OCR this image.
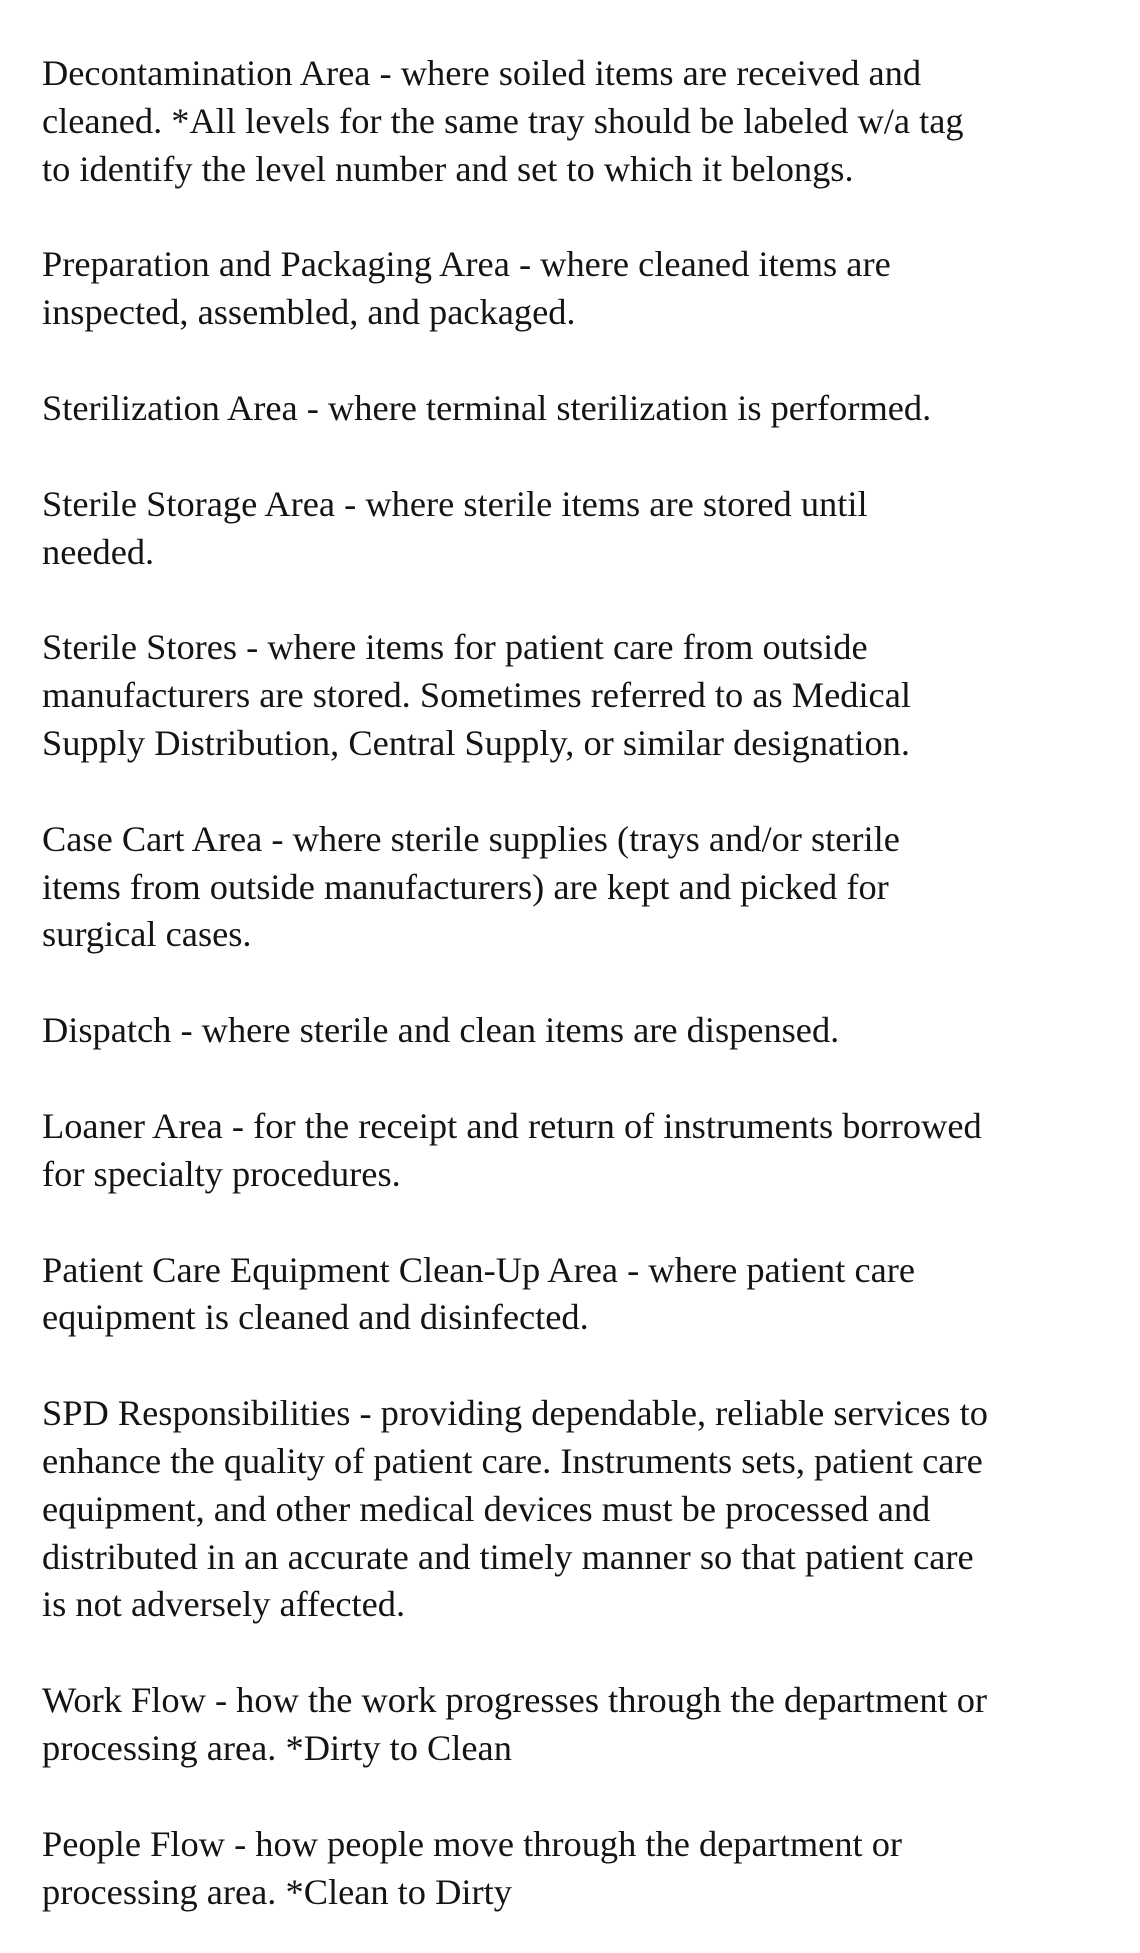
Decontamination Area - where soiled items are received and
cleaned. *All levels for the same tray should be labeled w/a tag
to identify the level number and set to which it belongs.

Preparation and Packaging Area - where cleaned items are
inspected, assembled, and packaged.

Sterilization Area - where terminal sterilization is performed.

Sterile Storage Area - where sterile items are stored until
needed.

Sterile Stores - where items for patient care from outside
manufacturers are stored. Sometimes referred to as Medical
Supply Distribution, Central Supply, or similar designation.

Case Cart Area - where sterile supplies (trays and/or sterile
items from outside manufacturers) are kept and picked for
surgical cases.

Dispatch - where sterile and clean items are dispensed.

Loaner Area - for the receipt and return of instruments borrowed
for specialty procedures.

Patient Care Equipment Clean-Up Area - where patient care
equipment is cleaned and disinfected.

SPD Responsibilities - providing dependable, reliable services to
enhance the quality of patient care. Instruments sets, patient care
equipment, and other medical devices must be processed and
distributed in an accurate and timely manner so that patient care
is not adversely affected.

Work Flow - how the work progresses through the department or
processing area. *Dirty to Clean

People Flow - how people move through the department or
processing area. *Clean to Dirty
